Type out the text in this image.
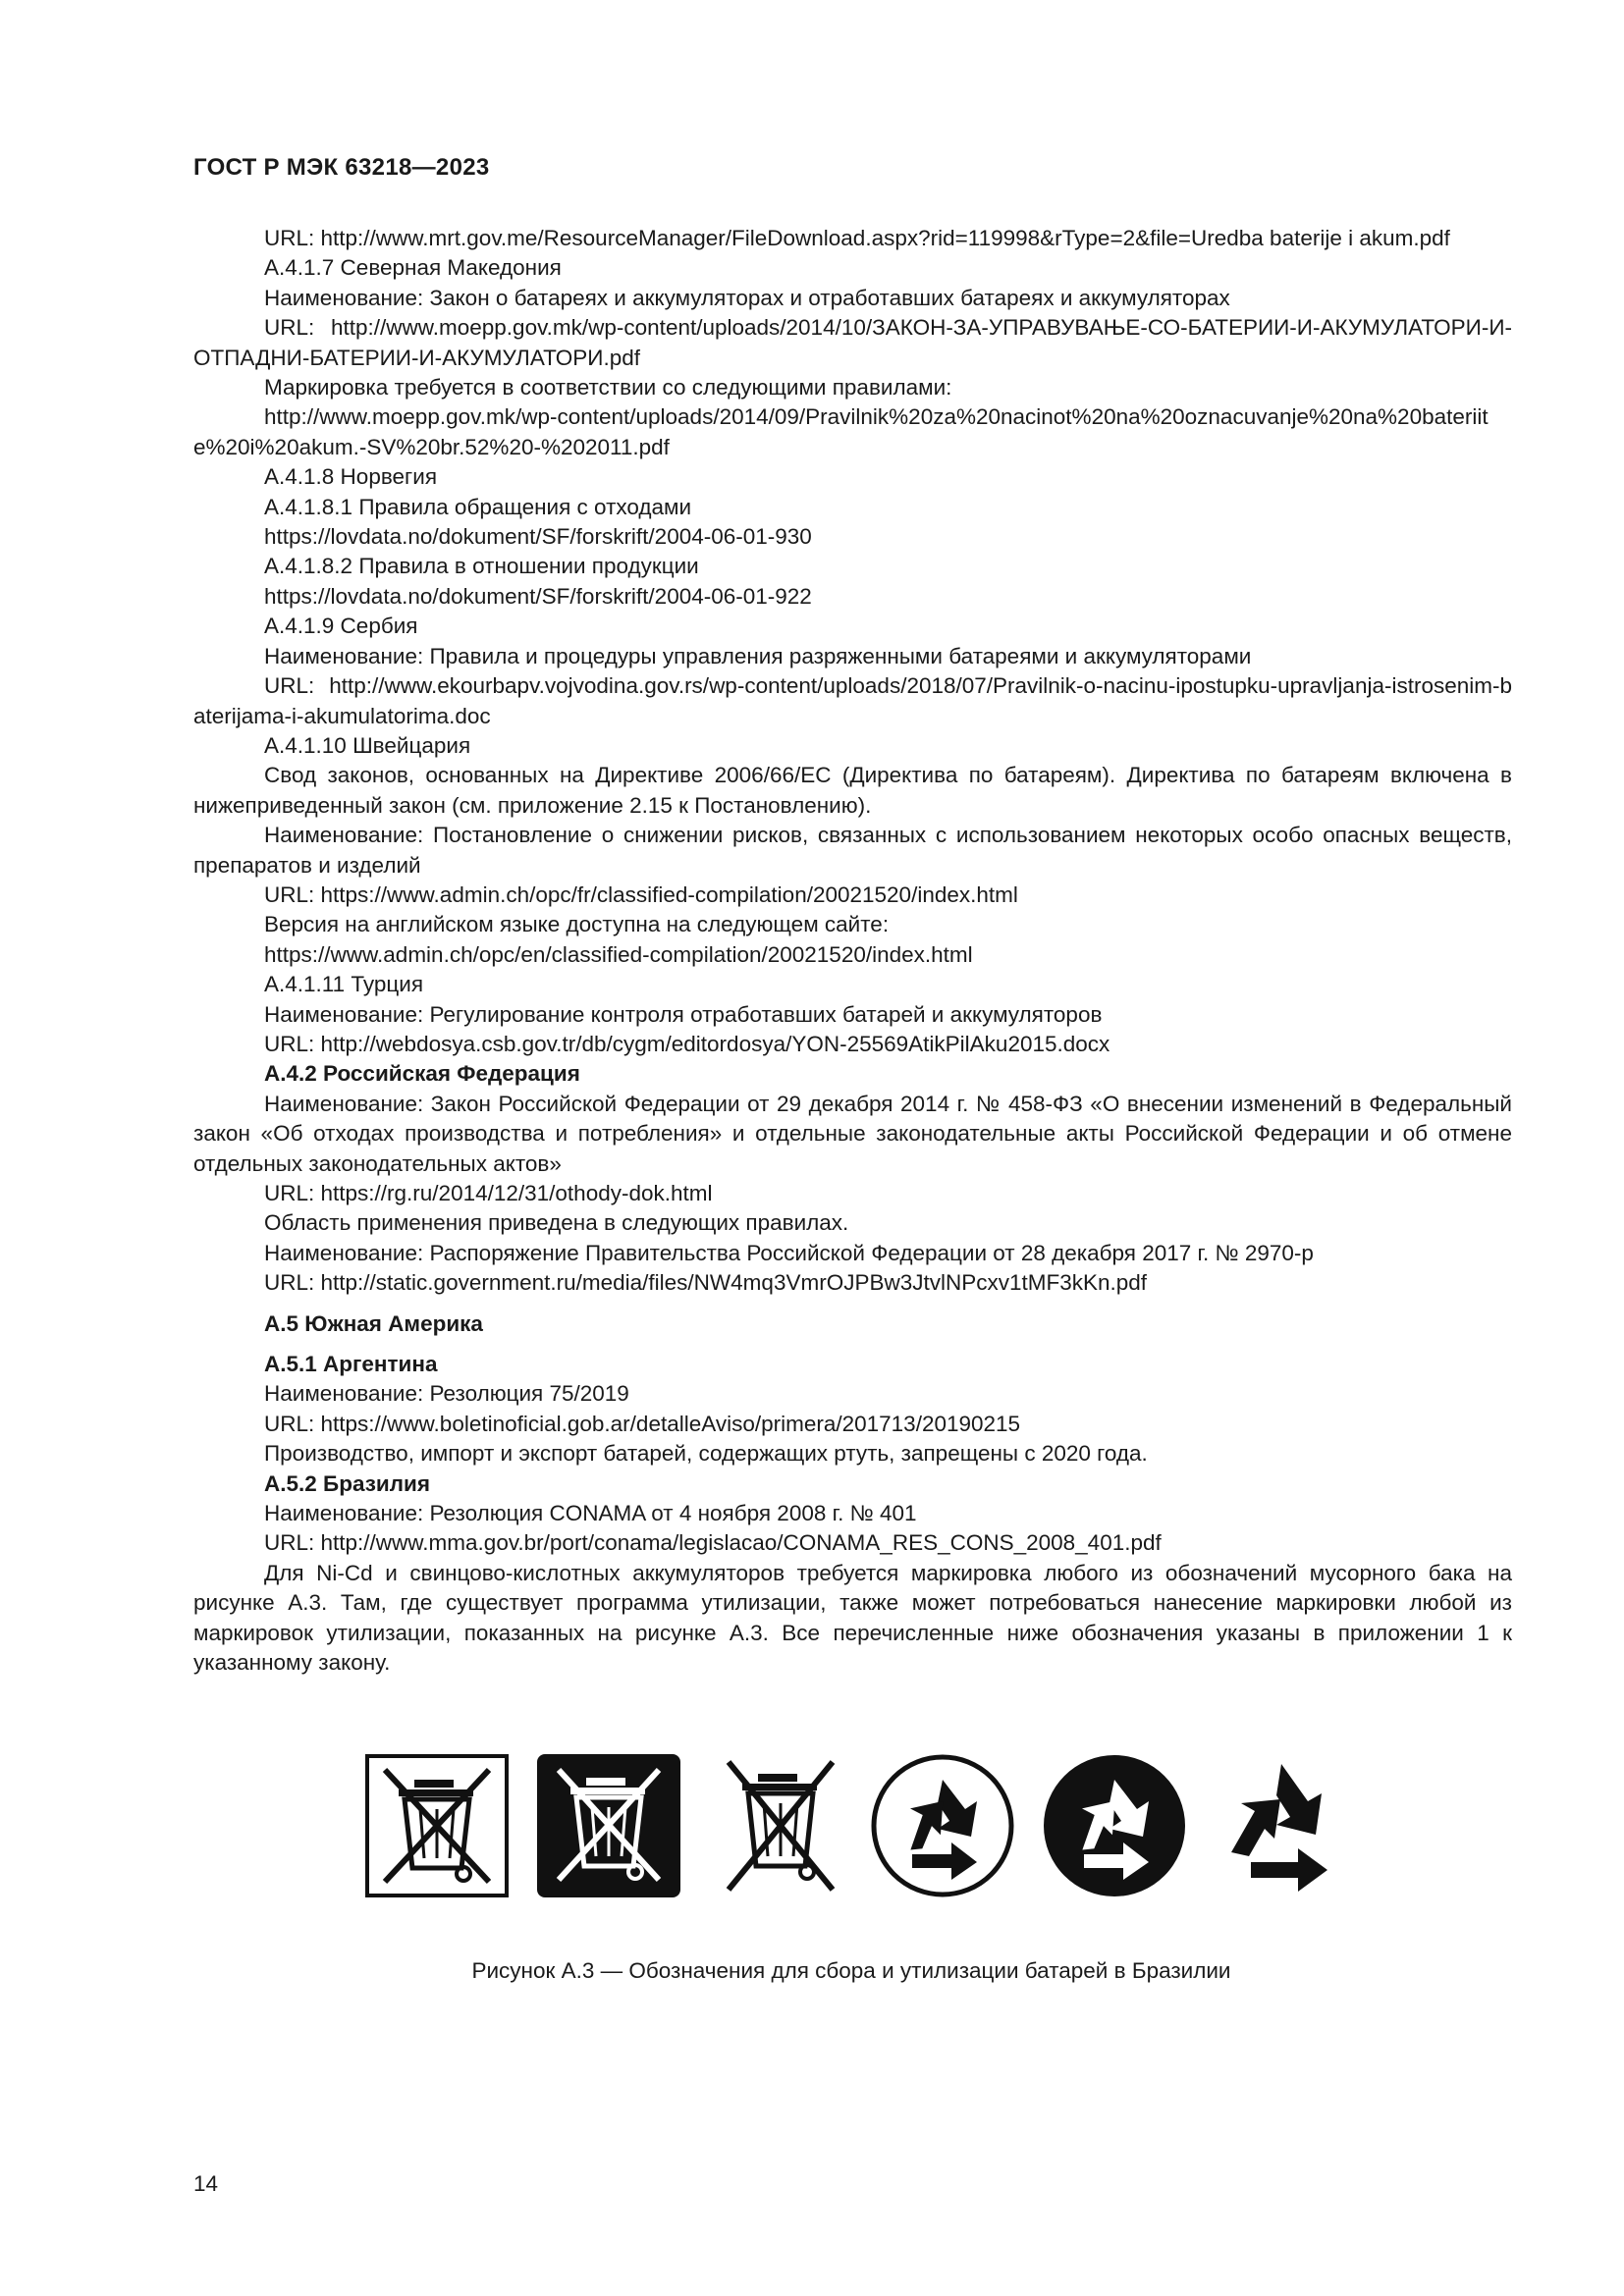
ГОСТ Р МЭК 63218—2023

URL: http://www.mrt.gov.me/ResourceManager/FileDownload.aspx?rid=119998&rType=2&file=Uredba baterije i akum.pdf

А.4.1.7 Северная Македония

Наименование: Закон о батареях и аккумуляторах и отработавших батареях и аккумуляторах

URL: http://www.moepp.gov.mk/wp-content/uploads/2014/10/ЗАКОН-ЗА-УПРАВУВАЊЕ-СО-БАТЕРИИ-И-АКУМУЛАТОРИ-И-ОТПАДНИ-БАТЕРИИ-И-АКУМУЛАТОРИ.pdf

Маркировка требуется в соответствии со следующими правилами:

http://www.moepp.gov.mk/wp-content/uploads/2014/09/Pravilnik%20za%20nacinot%20na%20oznacuvanje%20na%20bateriite%20i%20akum.-SV%20br.52%20-%202011.pdf

А.4.1.8 Норвегия

А.4.1.8.1 Правила обращения с отходами

https://lovdata.no/dokument/SF/forskrift/2004-06-01-930

А.4.1.8.2 Правила в отношении продукции

https://lovdata.no/dokument/SF/forskrift/2004-06-01-922

А.4.1.9 Сербия

Наименование: Правила и процедуры управления разряженными батареями и аккумуляторами

URL: http://www.ekourbapv.vojvodina.gov.rs/wp-content/uploads/2018/07/Pravilnik-o-nacinu-ipostupku-upravljanja-istrosenim-baterijama-i-akumulatorima.doc

А.4.1.10 Швейцария

Свод законов, основанных на Директиве 2006/66/ЕС (Директива по батареям). Директива по батареям включена в нижеприведенный закон (см. приложение 2.15 к Постановлению).

Наименование: Постановление о снижении рисков, связанных с использованием некоторых особо опасных веществ, препаратов и изделий

URL: https://www.admin.ch/opc/fr/classified-compilation/20021520/index.html

Версия на английском языке доступна на следующем сайте:

https://www.admin.ch/opc/en/classified-compilation/20021520/index.html

А.4.1.11 Турция

Наименование: Регулирование контроля отработавших батарей и аккумуляторов

URL: http://webdosya.csb.gov.tr/db/cygm/editordosya/YON-25569AtikPilAku2015.docx

А.4.2 Российская Федерация

Наименование: Закон Российской Федерации от 29 декабря 2014 г. № 458-ФЗ «О внесении изменений в Федеральный закон «Об отходах производства и потребления» и отдельные законодательные акты Российской Федерации и об отмене отдельных законодательных актов»

URL: https://rg.ru/2014/12/31/othody-dok.html

Область применения приведена в следующих правилах.

Наименование: Распоряжение Правительства Российской Федерации от 28 декабря 2017 г. № 2970-р

URL: http://static.government.ru/media/files/NW4mq3VmrOJPBw3JtvlNPcxv1tMF3kKn.pdf

А.5 Южная Америка

А.5.1 Аргентина

Наименование: Резолюция 75/2019

URL: https://www.boletinoficial.gob.ar/detalleAviso/primera/201713/20190215

Производство, импорт и экспорт батарей, содержащих ртуть, запрещены с 2020 года.

А.5.2 Бразилия

Наименование: Резолюция CONAMA от 4 ноября 2008 г. № 401

URL: http://www.mma.gov.br/port/conama/legislacao/CONAMA_RES_CONS_2008_401.pdf

Для Ni-Cd и свинцово-кислотных аккумуляторов требуется маркировка любого из обозначений мусорного бака на рисунке А.3. Там, где существует программа утилизации, также может потребоваться нанесение маркировки любой из маркировок утилизации, показанных на рисунке А.3. Все перечисленные ниже обозначения указаны в приложении 1 к указанному закону.

Рисунок А.3 — Обозначения для сбора и утилизации батарей в Бразилии
14
